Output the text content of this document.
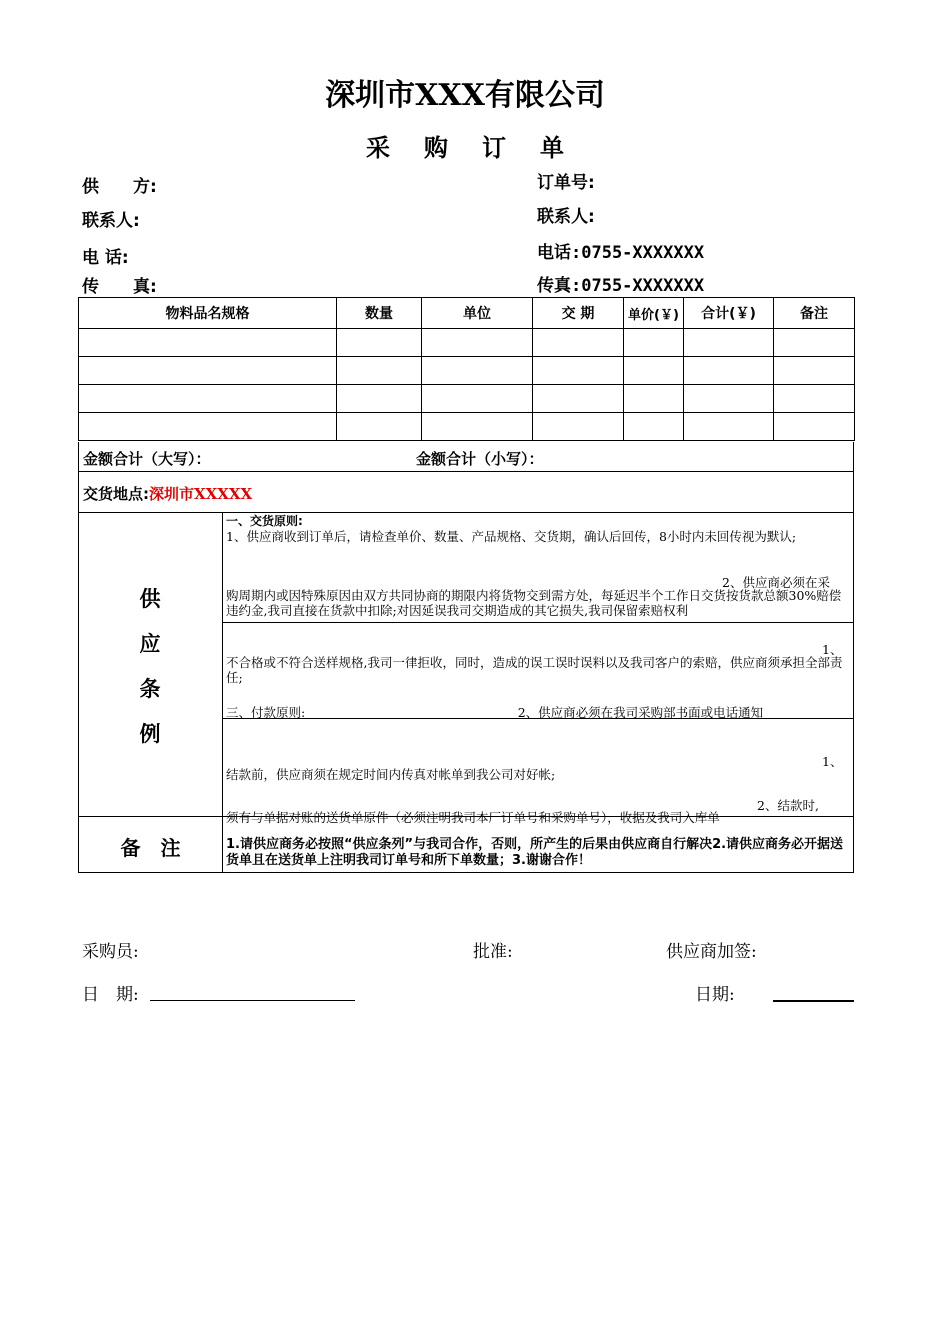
深圳市XXX有限公司
采购订单
供　　方:
联系人:
电 话:
传　　真:
订单号:
联系人:
电话:0755-XXXXXXX
传真:0755-XXXXXXX
物料品名规格	数量	单位	交 期	单价(￥)	合计(￥)	备注

金额合计（大写）：	金额合计（小写）：
交货地点:深圳市XXXXX
供
应
条
例
一、交货原则:
1、供应商收到订单后，请检查单价、数量、产品规格、交货期，确认后回传，8小时内未回传视为默认;
2、供应商必须在采
购周期内或因特殊原因由双方共同协商的期限内将货物交到需方处，每延迟半个工作日交货按货款总额30%赔偿违约金,我司直接在货款中扣除;对因延误我司交期造成的其它损失,我司保留索赔权利
1、
不合格或不符合送样规格,我司一律拒收，同时，造成的误工误时误料以及我司客户的索赔，供应商须承担全部责任;
三、付款原则:　　　　　　　　　　　　　　　　　2、供应商必须在我司采购部书面或电话通知
1、
结款前，供应商须在规定时间内传真对帐单到我公司对好帐;
2、结款时,
须有与单据对账的送货单原件（必须注明我司本厂订单号和采购单号），收据及我司入库单
备　注	1.请供应商务必按照“供应条列”与我司合作，否则，所产生的后果由供应商自行解决2.请供应商务必开据送货单且在送货单上注明我司订单号和所下单数量；3.谢谢合作！
采购员:	批准:	供应商加签:
日　期:	日期:
